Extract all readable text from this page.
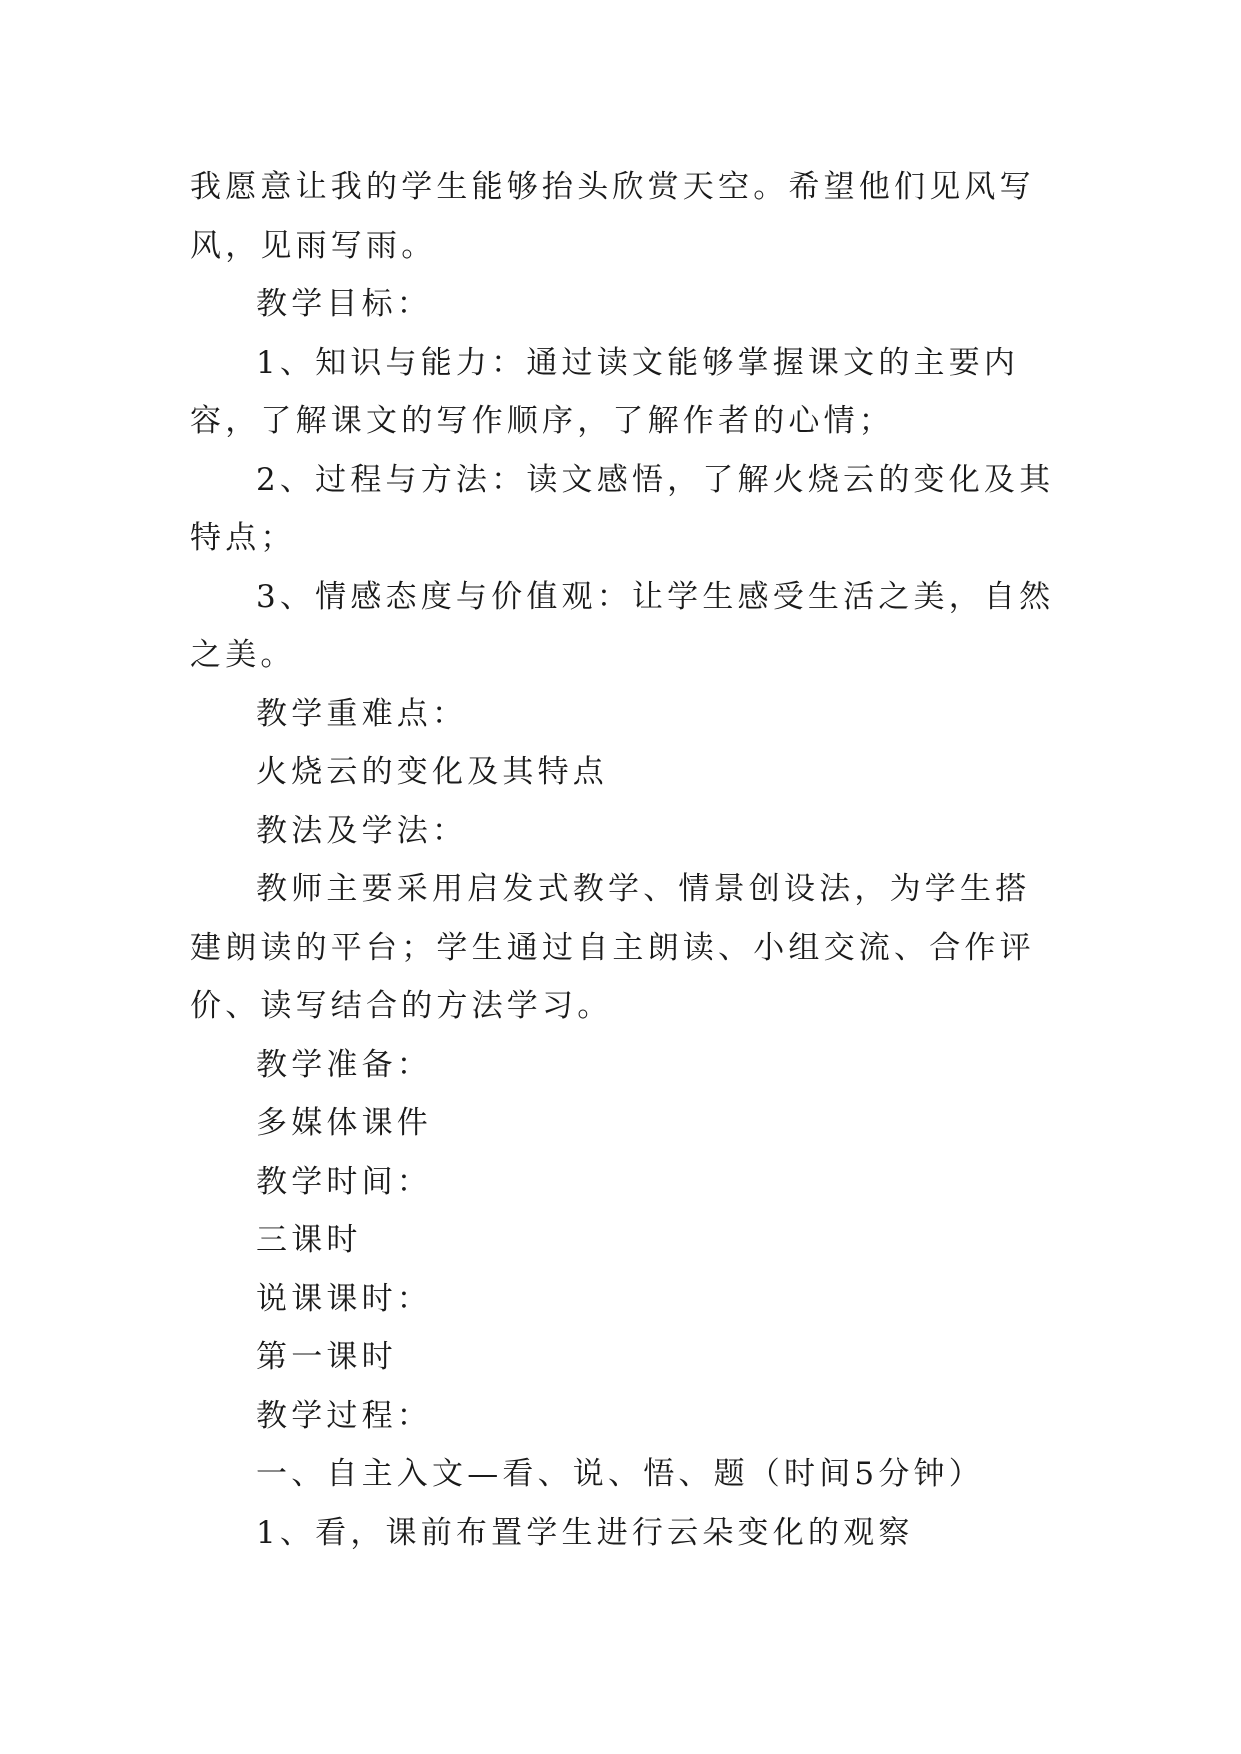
我愿意让我的学生能够抬头欣赏天空。希望他们见风写风，见雨写雨。

教学目标：

1、知识与能力：通过读文能够掌握课文的主要内容，了解课文的写作顺序，了解作者的心情；

2、过程与方法：读文感悟，了解火烧云的变化及其特点；

3、情感态度与价值观：让学生感受生活之美，自然之美。

教学重难点：

火烧云的变化及其特点

教法及学法：

教师主要采用启发式教学、情景创设法，为学生搭建朗读的平台；学生通过自主朗读、小组交流、合作评价、读写结合的方法学习。

教学准备：

多媒体课件

教学时间：

三课时

说课课时：

第一课时

教学过程：

一、自主入文—看、说、悟、题（时间5分钟）

1、看，课前布置学生进行云朵变化的观察
